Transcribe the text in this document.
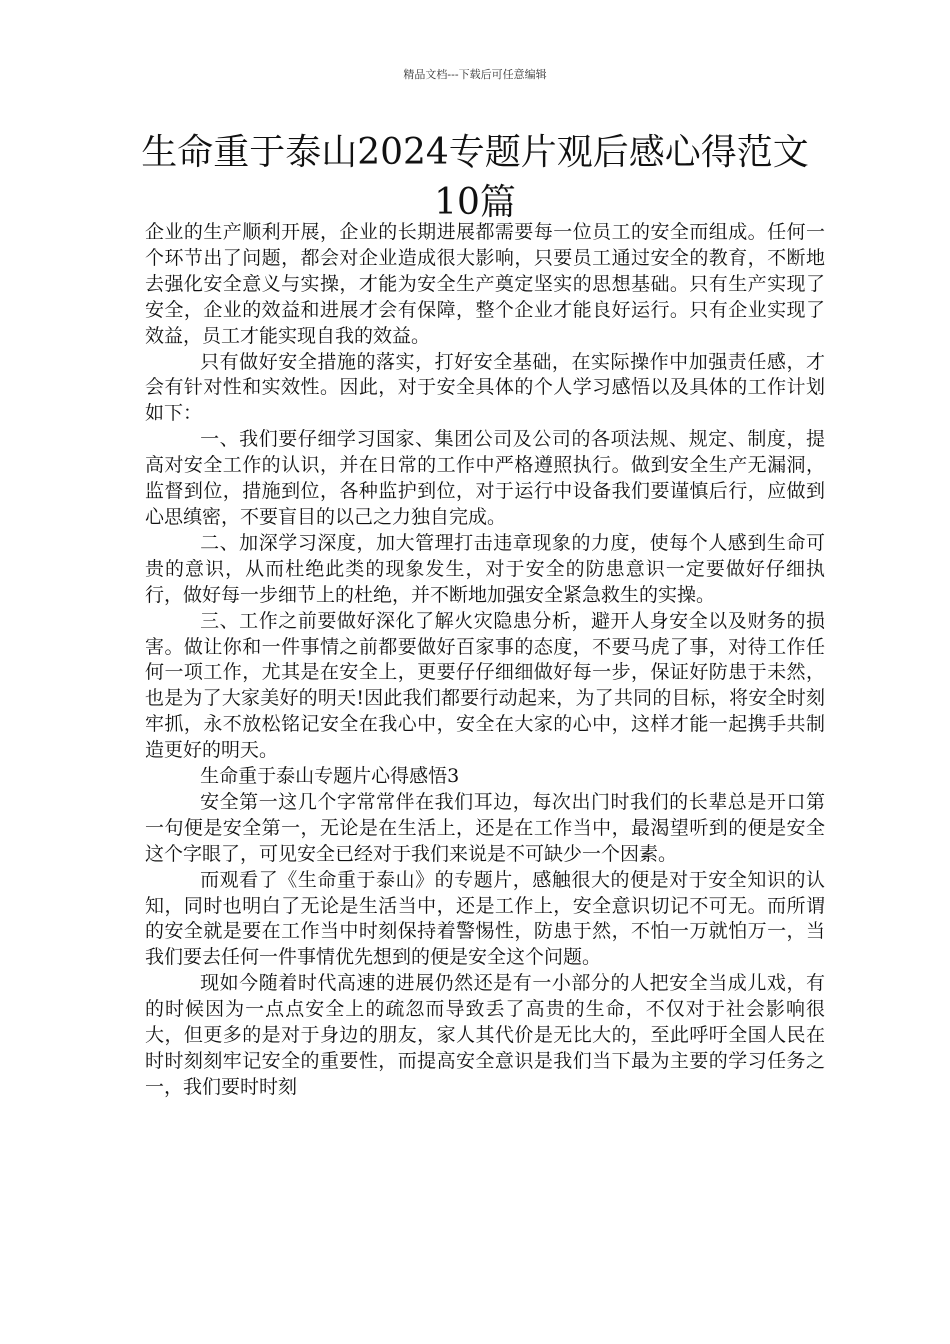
精品文档---下载后可任意编辑
生命重于泰山2024专题片观后感心得范文10篇

企业的生产顺利开展，企业的长期进展都需要每一位员工的安全而组成。任何一个环节出了问题，都会对企业造成很大影响，只要员工通过安全的教育，不断地去强化安全意义与实操，才能为安全生产奠定坚实的思想基础。只有生产实现了安全，企业的效益和进展才会有保障，整个企业才能良好运行。只有企业实现了效益，员工才能实现自我的效益。

只有做好安全措施的落实，打好安全基础，在实际操作中加强责任感，才会有针对性和实效性。因此，对于安全具体的个人学习感悟以及具体的工作计划如下：

一、我们要仔细学习国家、集团公司及公司的各项法规、规定、制度，提高对安全工作的认识，并在日常的工作中严格遵照执行。做到安全生产无漏洞，监督到位，措施到位，各种监护到位，对于运行中设备我们要谨慎后行，应做到心思缜密，不要盲目的以己之力独自完成。

二、加深学习深度，加大管理打击违章现象的力度，使每个人感到生命可贵的意识，从而杜绝此类的现象发生，对于安全的防患意识一定要做好仔细执行，做好每一步细节上的杜绝，并不断地加强安全紧急救生的实操。

三、工作之前要做好深化了解火灾隐患分析，避开人身安全以及财务的损害。做让你和一件事情之前都要做好百家事的态度，不要马虎了事，对待工作任何一项工作，尤其是在安全上，更要仔仔细细做好每一步，保证好防患于未然，也是为了大家美好的明天!因此我们都要行动起来，为了共同的目标，将安全时刻牢抓，永不放松铭记安全在我心中，安全在大家的心中，这样才能一起携手共制造更好的明天。

生命重于泰山专题片心得感悟3

安全第一这几个字常常伴在我们耳边，每次出门时我们的长辈总是开口第一句便是安全第一，无论是在生活上，还是在工作当中，最渴望听到的便是安全这个字眼了，可见安全已经对于我们来说是不可缺少一个因素。

而观看了《生命重于泰山》的专题片，感触很大的便是对于安全知识的认知，同时也明白了无论是生活当中，还是工作上，安全意识切记不可无。而所谓的安全就是要在工作当中时刻保持着警惕性，防患于然，不怕一万就怕万一，当我们要去任何一件事情优先想到的便是安全这个问题。

现如今随着时代高速的进展仍然还是有一小部分的人把安全当成儿戏，有的时候因为一点点安全上的疏忽而导致丢了高贵的生命，不仅对于社会影响很大，但更多的是对于身边的朋友，家人其代价是无比大的，至此呼吁全国人民在时时刻刻牢记安全的重要性，而提高安全意识是我们当下最为主要的学习任务之一，我们要时时刻
